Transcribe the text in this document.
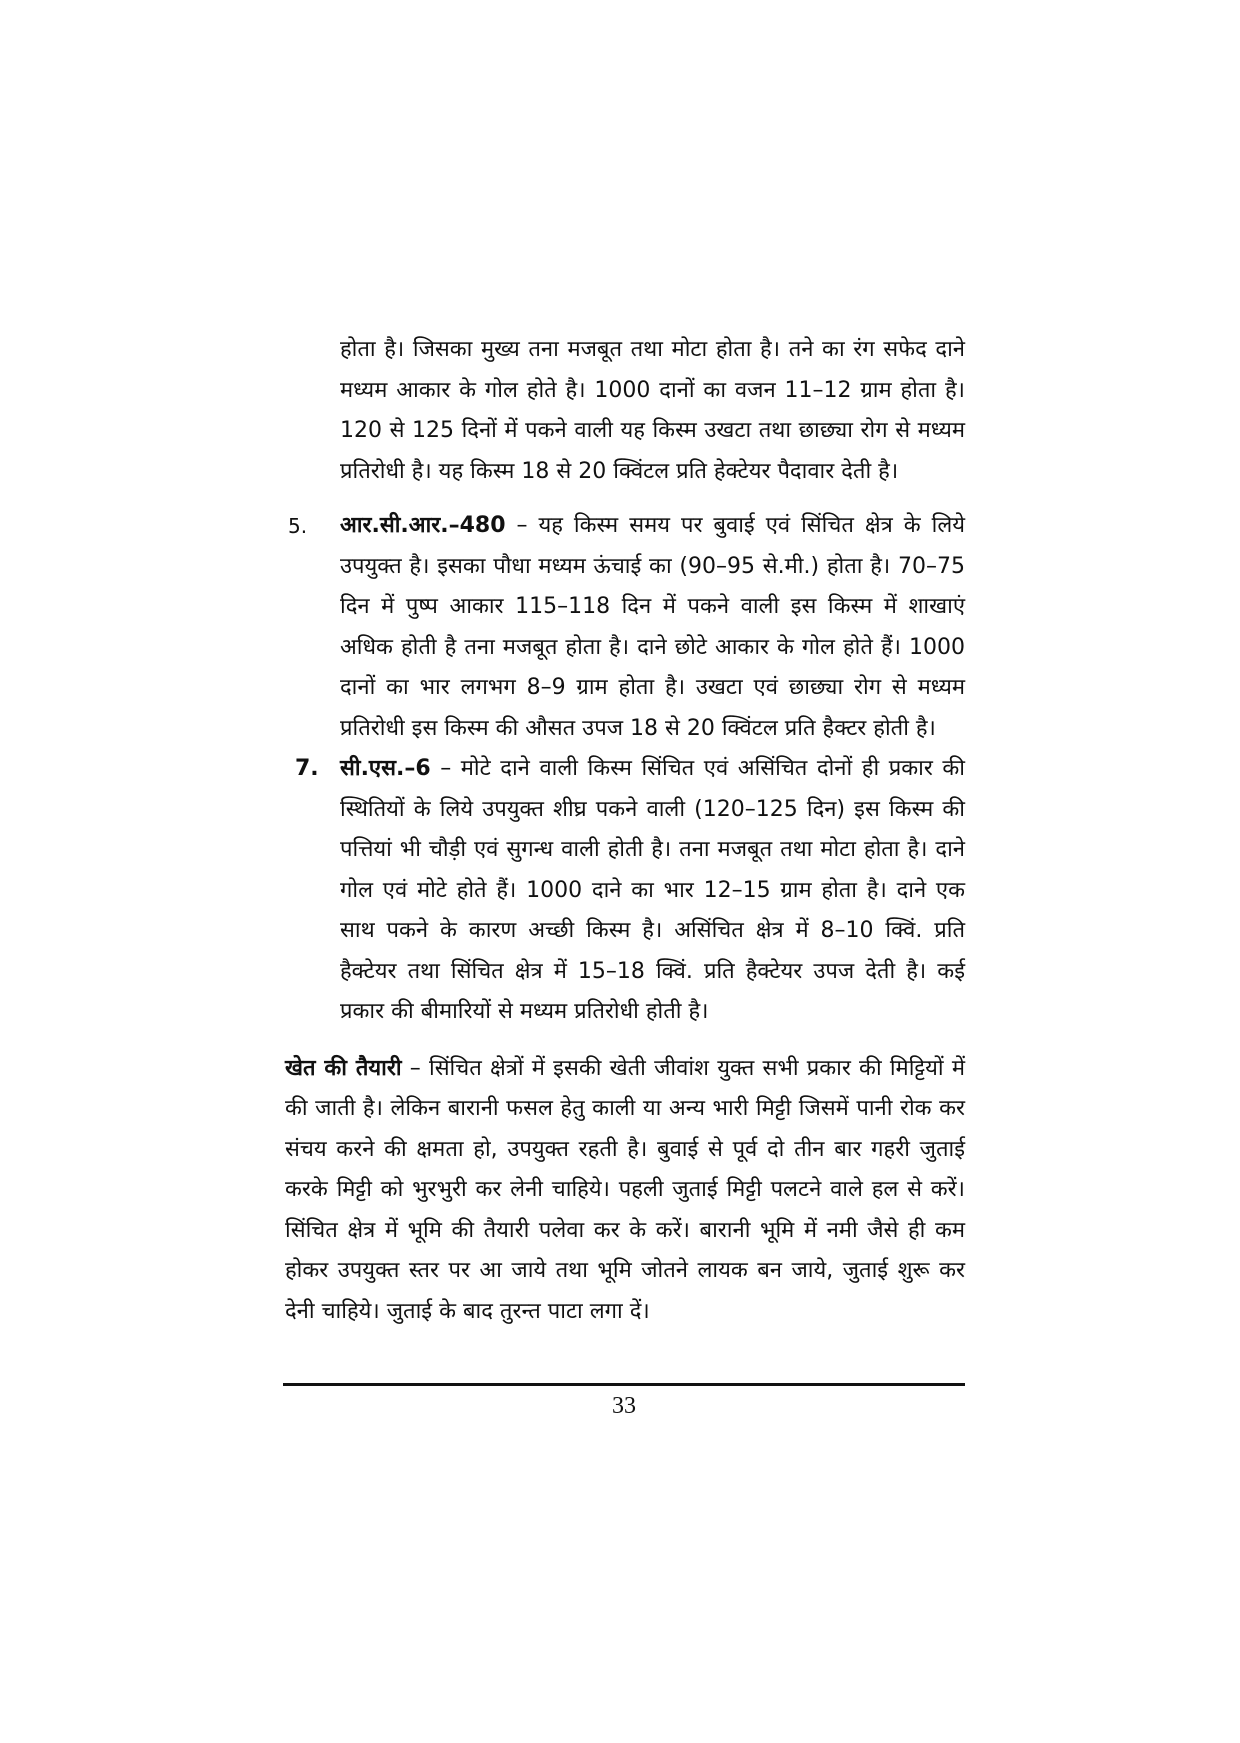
होता है। जिसका मुख्य तना मजबूत तथा मोटा होता है। तने का रंग सफेद दाने मध्यम आकार के गोल होते है। 1000 दानों का वजन 11–12 ग्राम होता है। 120 से 125 दिनों में पकने वाली यह किस्म उखटा तथा छाछ्या रोग से मध्यम प्रतिरोधी है। यह किस्म 18 से 20 क्विंटल प्रति हेक्टेयर पैदावार देती है।

5. आर.सी.आर.–480 – यह किस्म समय पर बुवाई एवं सिंचित क्षेत्र के लिये उपयुक्त है। इसका पौधा मध्यम ऊंचाई का (90–95 से.मी.) होता है। 70–75 दिन में पुष्प आकार 115–118 दिन में पकने वाली इस किस्म में शाखाएं अधिक होती है तना मजबूत होता है। दाने छोटे आकार के गोल होते हैं। 1000 दानों का भार लगभग 8–9 ग्राम होता है। उखटा एवं छाछ्या रोग से मध्यम प्रतिरोधी इस किस्म की औसत उपज 18 से 20 क्विंटल प्रति हैक्टर होती है।

7. सी.एस.–6 – मोटे दाने वाली किस्म सिंचित एवं असिंचित दोनों ही प्रकार की स्थितियों के लिये उपयुक्त शीघ्र पकने वाली (120–125 दिन) इस किस्म की पत्तियां भी चौड़ी एवं सुगन्ध वाली होती है। तना मजबूत तथा मोटा होता है। दाने गोल एवं मोटे होते हैं। 1000 दाने का भार 12–15 ग्राम होता है। दाने एक साथ पकने के कारण अच्छी किस्म है। असिंचित क्षेत्र में 8–10 क्विं. प्रति हैक्टेयर तथा सिंचित क्षेत्र में 15–18 क्विं. प्रति हैक्टेयर उपज देती है। कई प्रकार की बीमारियों से मध्यम प्रतिरोधी होती है।

खेत की तैयारी – सिंचित क्षेत्रों में इसकी खेती जीवांश युक्त सभी प्रकार की मिट्टियों में की जाती है। लेकिन बारानी फसल हेतु काली या अन्य भारी मिट्टी जिसमें पानी रोक कर संचय करने की क्षमता हो, उपयुक्त रहती है। बुवाई से पूर्व दो तीन बार गहरी जुताई करके मिट्टी को भुरभुरी कर लेनी चाहिये। पहली जुताई मिट्टी पलटने वाले हल से करें। सिंचित क्षेत्र में भूमि की तैयारी पलेवा कर के करें। बारानी भूमि में नमी जैसे ही कम होकर उपयुक्त स्तर पर आ जाये तथा भूमि जोतने लायक बन जाये, जुताई शुरू कर देनी चाहिये। जुताई के बाद तुरन्त पाटा लगा दें।

33
